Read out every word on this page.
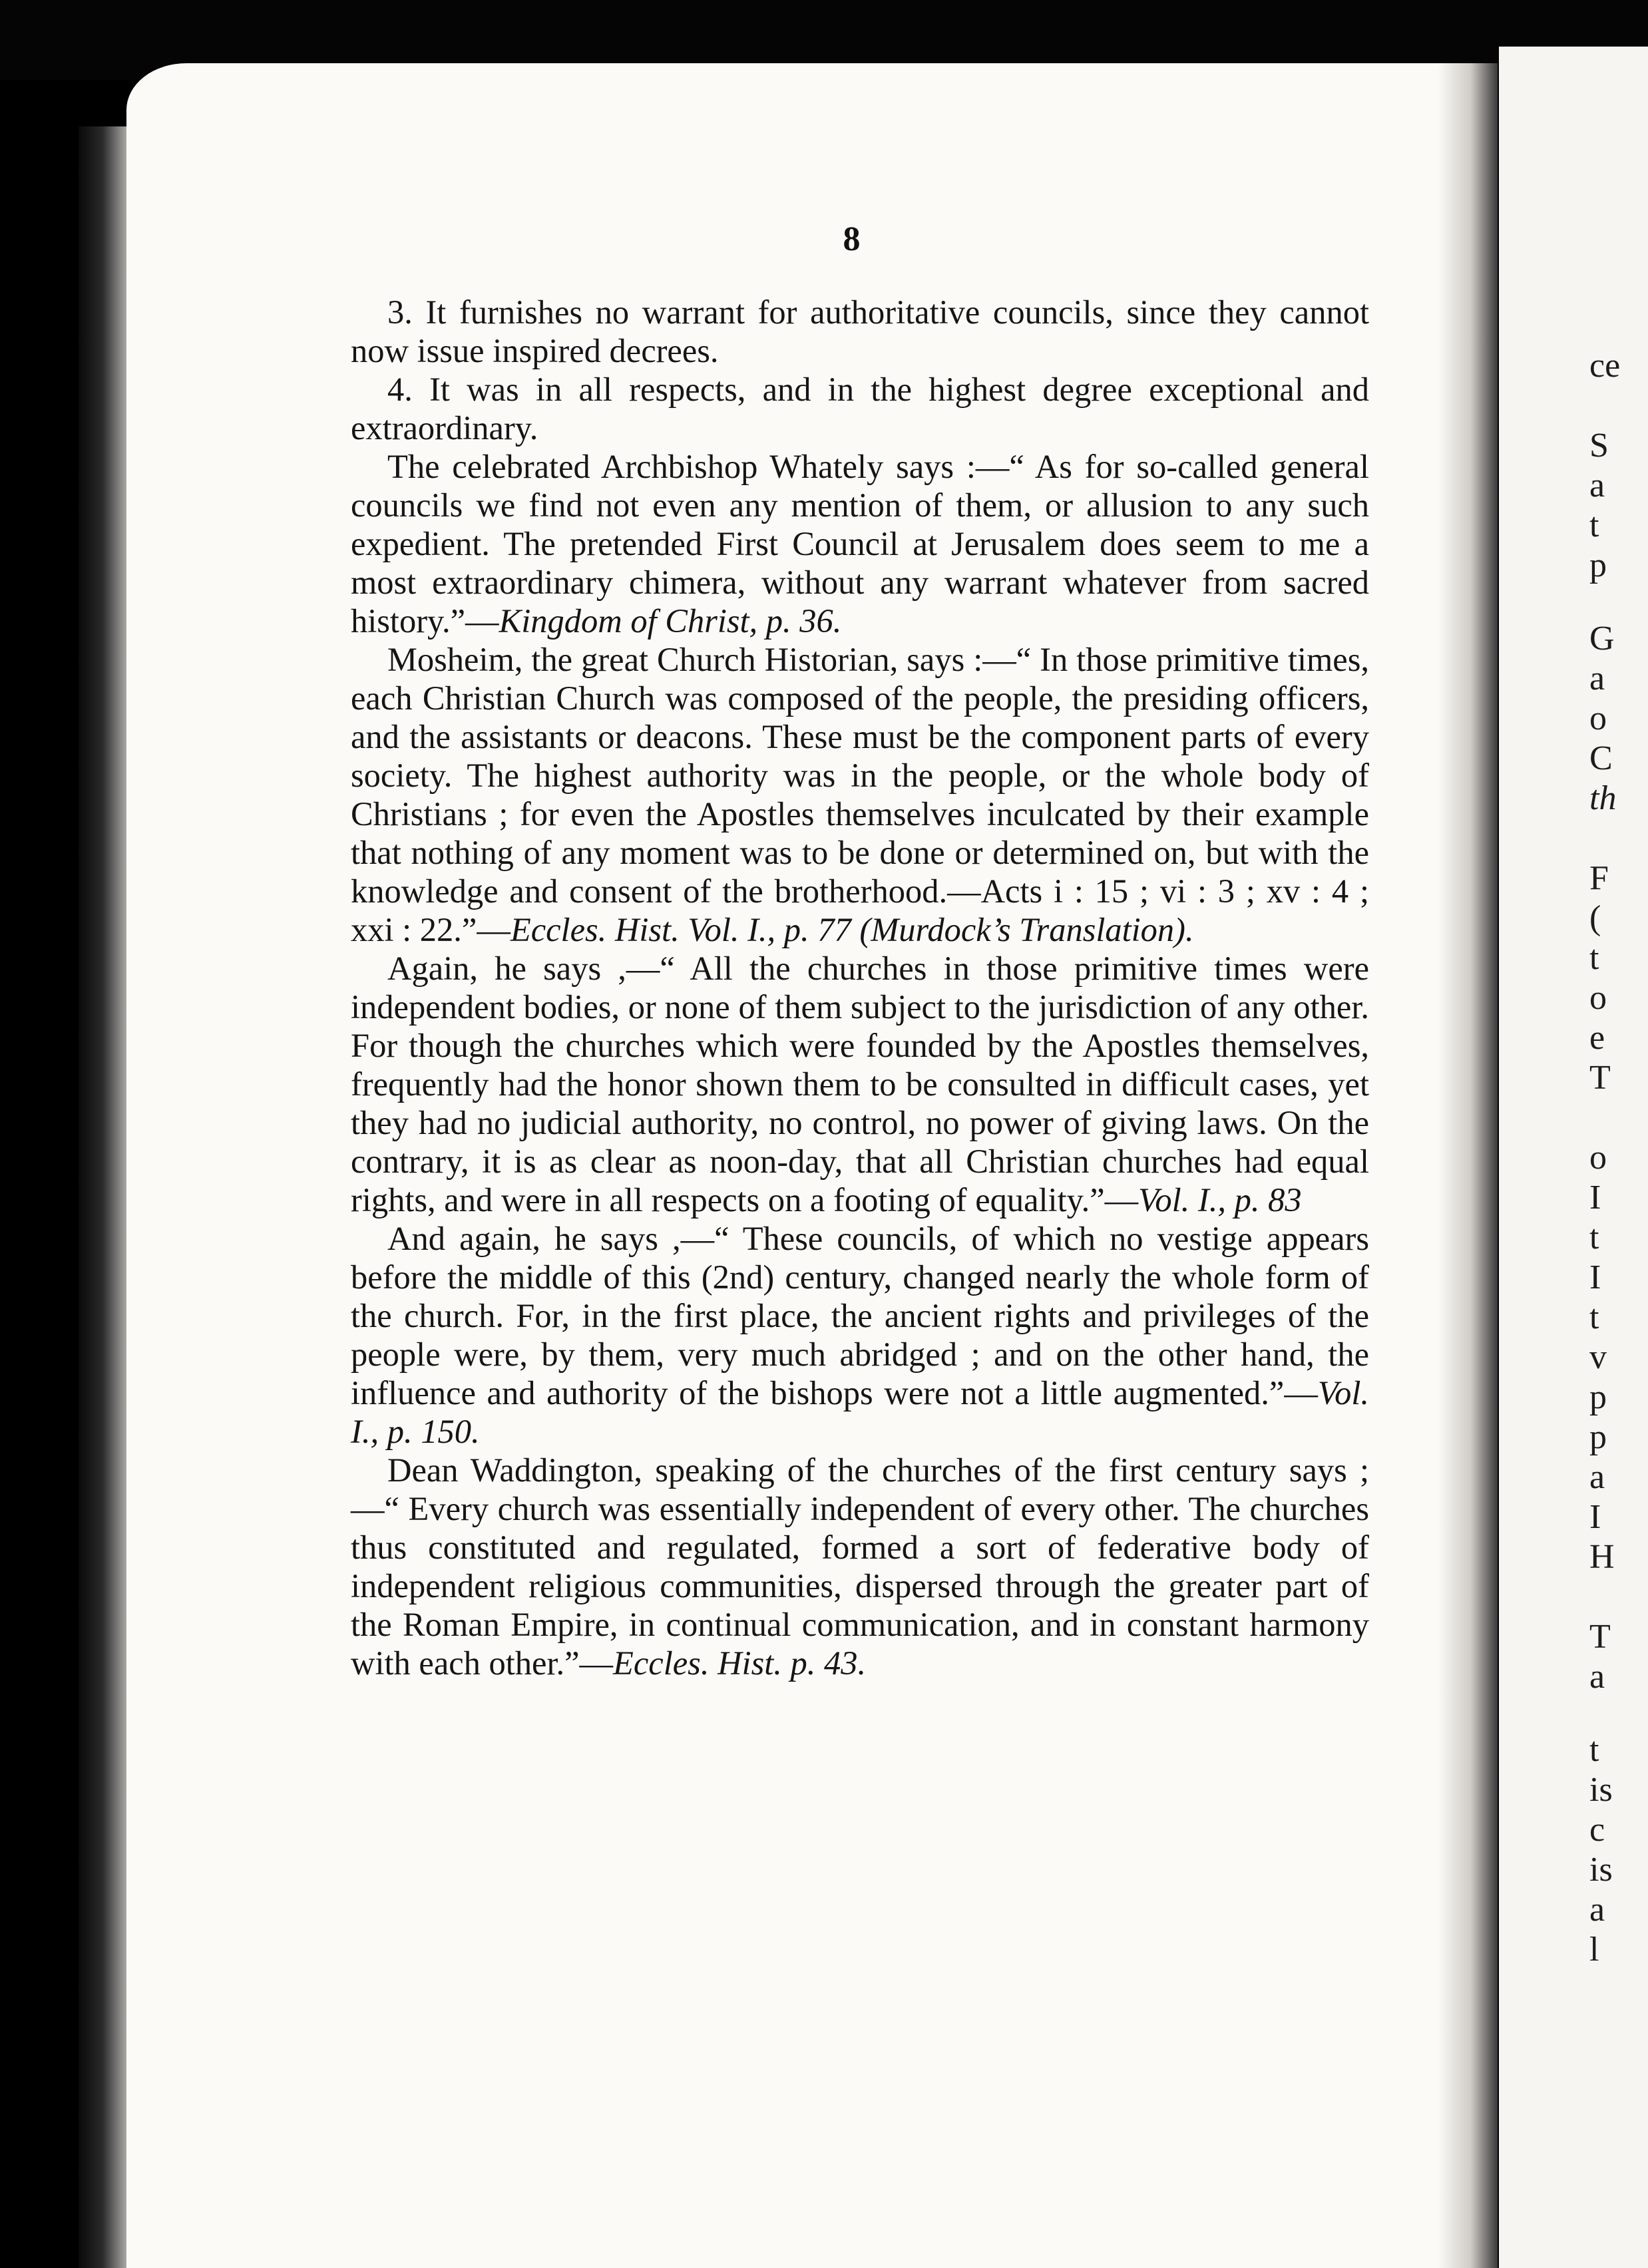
8

3. It furnishes no warrant for authoritative councils, since they cannot now issue inspired decrees.

4. It was in all respects, and in the highest degree exceptional and extraordinary.

The celebrated Archbishop Whately says :—“ As for so-called general councils we find not even any mention of them, or allusion to any such expedient. The pretended First Council at Jerusalem does seem to me a most extraordinary chimera, without any warrant whatever from sacred history.”—Kingdom of Christ, p. 36.

Mosheim, the great Church Historian, says :—“ In those primitive times, each Christian Church was composed of the people, the presiding officers, and the assistants or deacons. These must be the component parts of every society. The highest authority was in the people, or the whole body of Christians ; for even the Apostles themselves inculcated by their example that nothing of any moment was to be done or determined on, but with the knowledge and consent of the brotherhood.—Acts i : 15 ; vi : 3 ; xv : 4 ; xxi : 22.”—Eccles. Hist. Vol. I., p. 77 (Murdock’s Translation).

Again, he says ,—“ All the churches in those primitive times were independent bodies, or none of them subject to the jurisdiction of any other. For though the churches which were founded by the Apostles themselves, frequently had the honor shown them to be consulted in difficult cases, yet they had no judicial authority, no control, no power of giving laws. On the contrary, it is as clear as noon-day, that all Christian churches had equal rights, and were in all respects on a footing of equality.”—Vol. I., p. 83

And again, he says ,—“ These councils, of which no vestige appears before the middle of this (2nd) century, changed nearly the whole form of the church. For, in the first place, the ancient rights and privileges of the people were, by them, very much abridged ; and on the other hand, the influence and authority of the bishops were not a little augmented.”—Vol. I., p. 150.

Dean Waddington, speaking of the churches of the first century says ;—“ Every church was essentially independent of every other. The churches thus constituted and regulated, formed a sort of federative body of independent religious communities, dispersed through the greater part of the Roman Empire, in continual communication, and in constant harmony with each other.”—Eccles. Hist. p. 43.

ce
S
a
t
p
G
a
o
C
th
F
(
t
o
e
T
o
I
t
I
t
v
p
p
a
I
H
T
a
t
is
c
is
a
l
